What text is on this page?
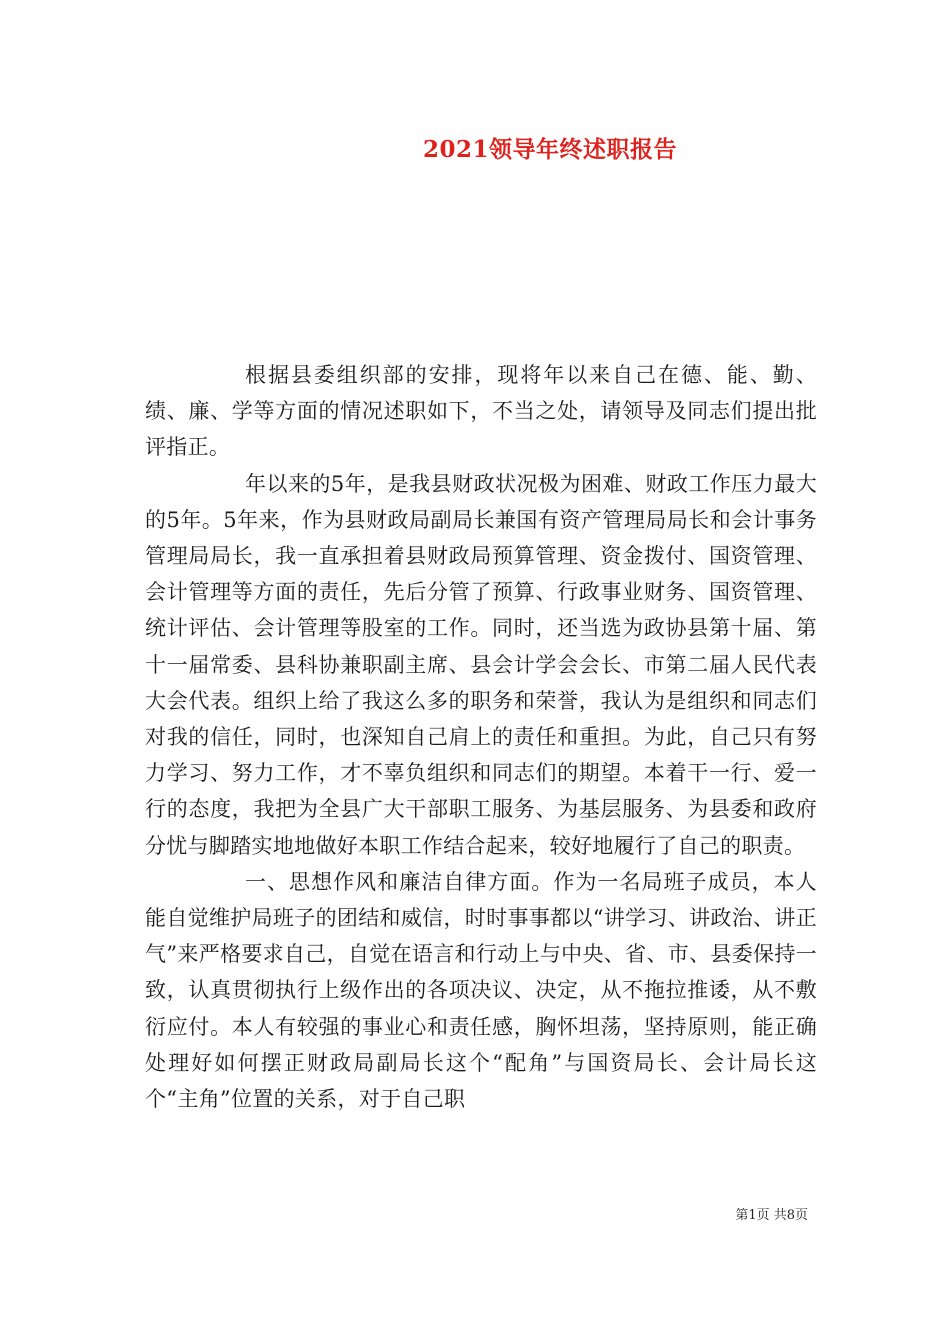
2021领导年终述职报告

根据县委组织部的安排，现将年以来自己在德、能、勤、绩、廉、学等方面的情况述职如下，不当之处，请领导及同志们提出批评指正。

年以来的5年，是我县财政状况极为困难、财政工作压力最大的5年。5年来，作为县财政局副局长兼国有资产管理局局长和会计事务管理局局长，我一直承担着县财政局预算管理、资金拨付、国资管理、会计管理等方面的责任，先后分管了预算、行政事业财务、国资管理、统计评估、会计管理等股室的工作。同时，还当选为政协县第十届、第十一届常委、县科协兼职副主席、县会计学会会长、市第二届人民代表大会代表。组织上给了我这么多的职务和荣誉，我认为是组织和同志们对我的信任，同时，也深知自己肩上的责任和重担。为此，自己只有努力学习、努力工作，才不辜负组织和同志们的期望。本着干一行、爱一行的态度，我把为全县广大干部职工服务、为基层服务、为县委和政府分忧与脚踏实地地做好本职工作结合起来，较好地履行了自己的职责。

一、思想作风和廉洁自律方面。作为一名局班子成员，本人能自觉维护局班子的团结和威信，时时事事都以“讲学习、讲政治、讲正气”来严格要求自己，自觉在语言和行动上与中央、省、市、县委保持一致，认真贯彻执行上级作出的各项决议、决定，从不拖拉推诿，从不敷衍应付。本人有较强的事业心和责任感，胸怀坦荡，坚持原则，能正确处理好如何摆正财政局副局长这个“配角”与国资局长、会计局长这个“主角”位置的关系，对于自己职

第1页 共8页
